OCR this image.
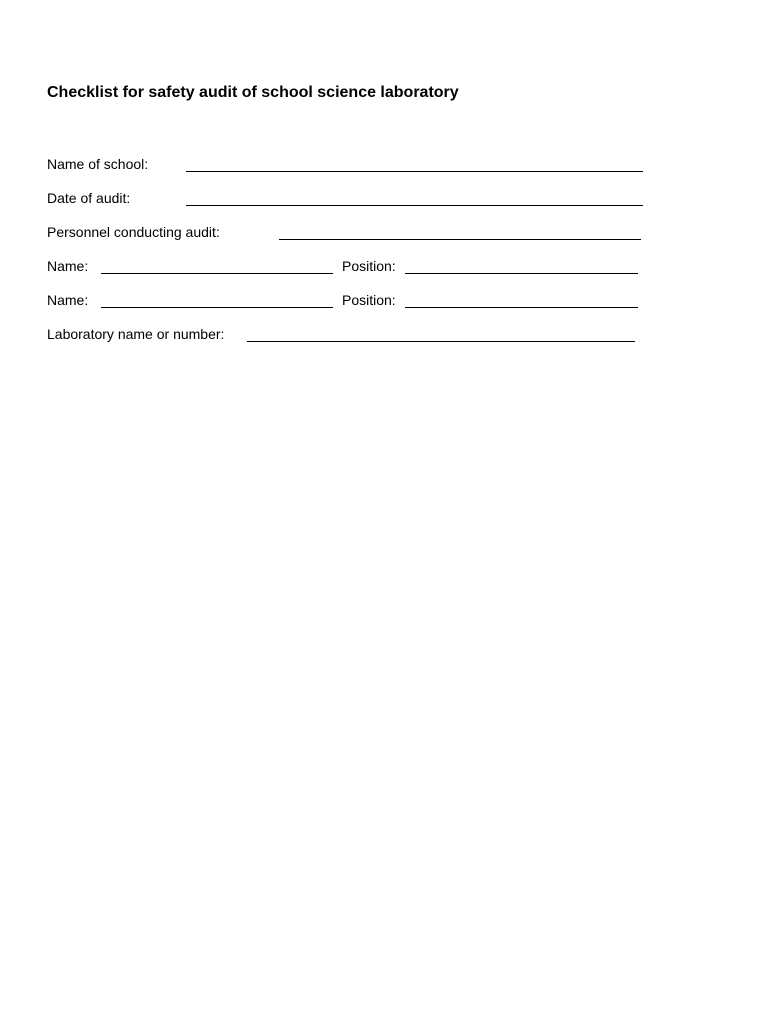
Checklist for safety audit of school science laboratory
Name of school:
Date of audit:
Personnel conducting audit:
Name:	Position:
Name:	Position:
Laboratory name or number:
